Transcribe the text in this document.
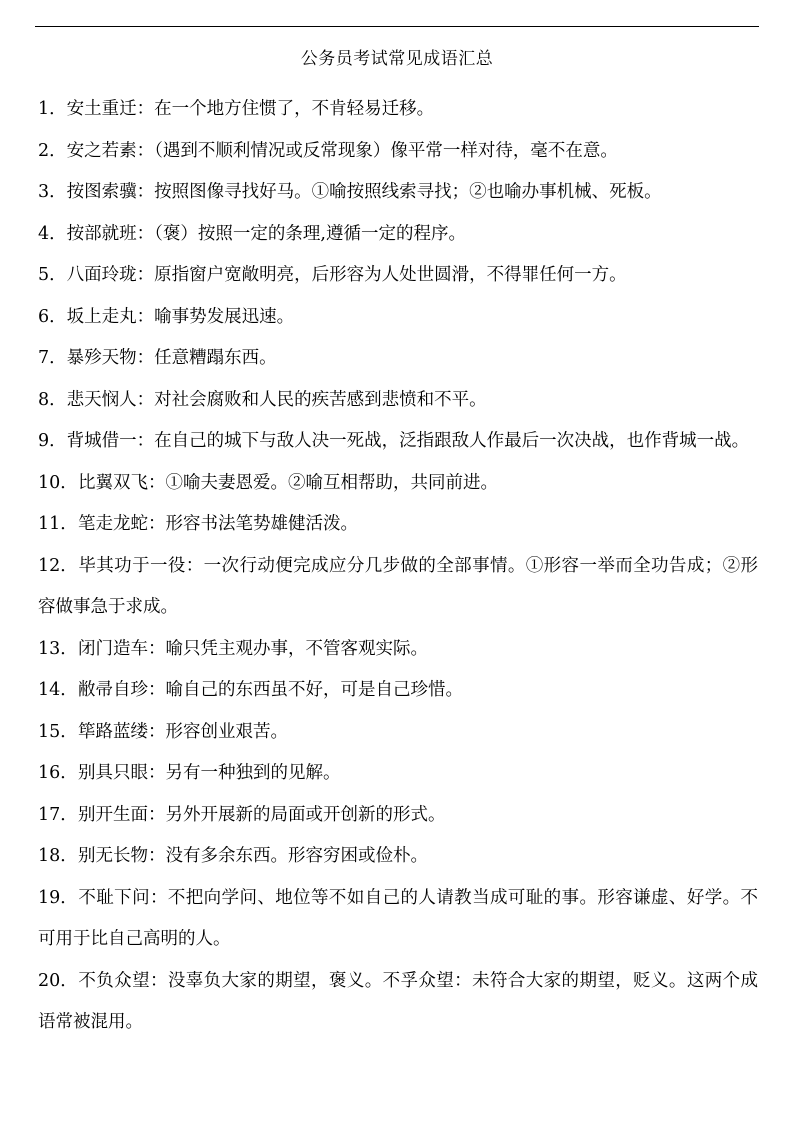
公务员考试常见成语汇总
1．安土重迁：在一个地方住惯了，不肯轻易迁移。
2．安之若素：（遇到不顺利情况或反常现象）像平常一样对待，毫不在意。
3．按图索骥：按照图像寻找好马。①喻按照线索寻找；②也喻办事机械、死板。
4．按部就班：（褒）按照一定的条理,遵循一定的程序。
5．八面玲珑：原指窗户宽敞明亮，后形容为人处世圆滑，不得罪任何一方。
6．坂上走丸：喻事势发展迅速。
7．暴殄天物：任意糟蹋东西。
8．悲天悯人：对社会腐败和人民的疾苦感到悲愤和不平。
9．背城借一：在自己的城下与敌人决一死战，泛指跟敌人作最后一次决战，也作背城一战。
10．比翼双飞：①喻夫妻恩爱。②喻互相帮助，共同前进。
11．笔走龙蛇：形容书法笔势雄健活泼。
12．毕其功于一役：一次行动便完成应分几步做的全部事情。①形容一举而全功告成；②形容做事急于求成。
13．闭门造车：喻只凭主观办事，不管客观实际。
14．敝帚自珍：喻自己的东西虽不好，可是自己珍惜。
15．筚路蓝缕：形容创业艰苦。
16．别具只眼：另有一种独到的见解。
17．别开生面：另外开展新的局面或开创新的形式。
18．别无长物：没有多余东西。形容穷困或俭朴。
19．不耻下问：不把向学问、地位等不如自己的人请教当成可耻的事。形容谦虚、好学。不可用于比自己高明的人。
20．不负众望：没辜负大家的期望，褒义。不孚众望：未符合大家的期望，贬义。这两个成语常被混用。
